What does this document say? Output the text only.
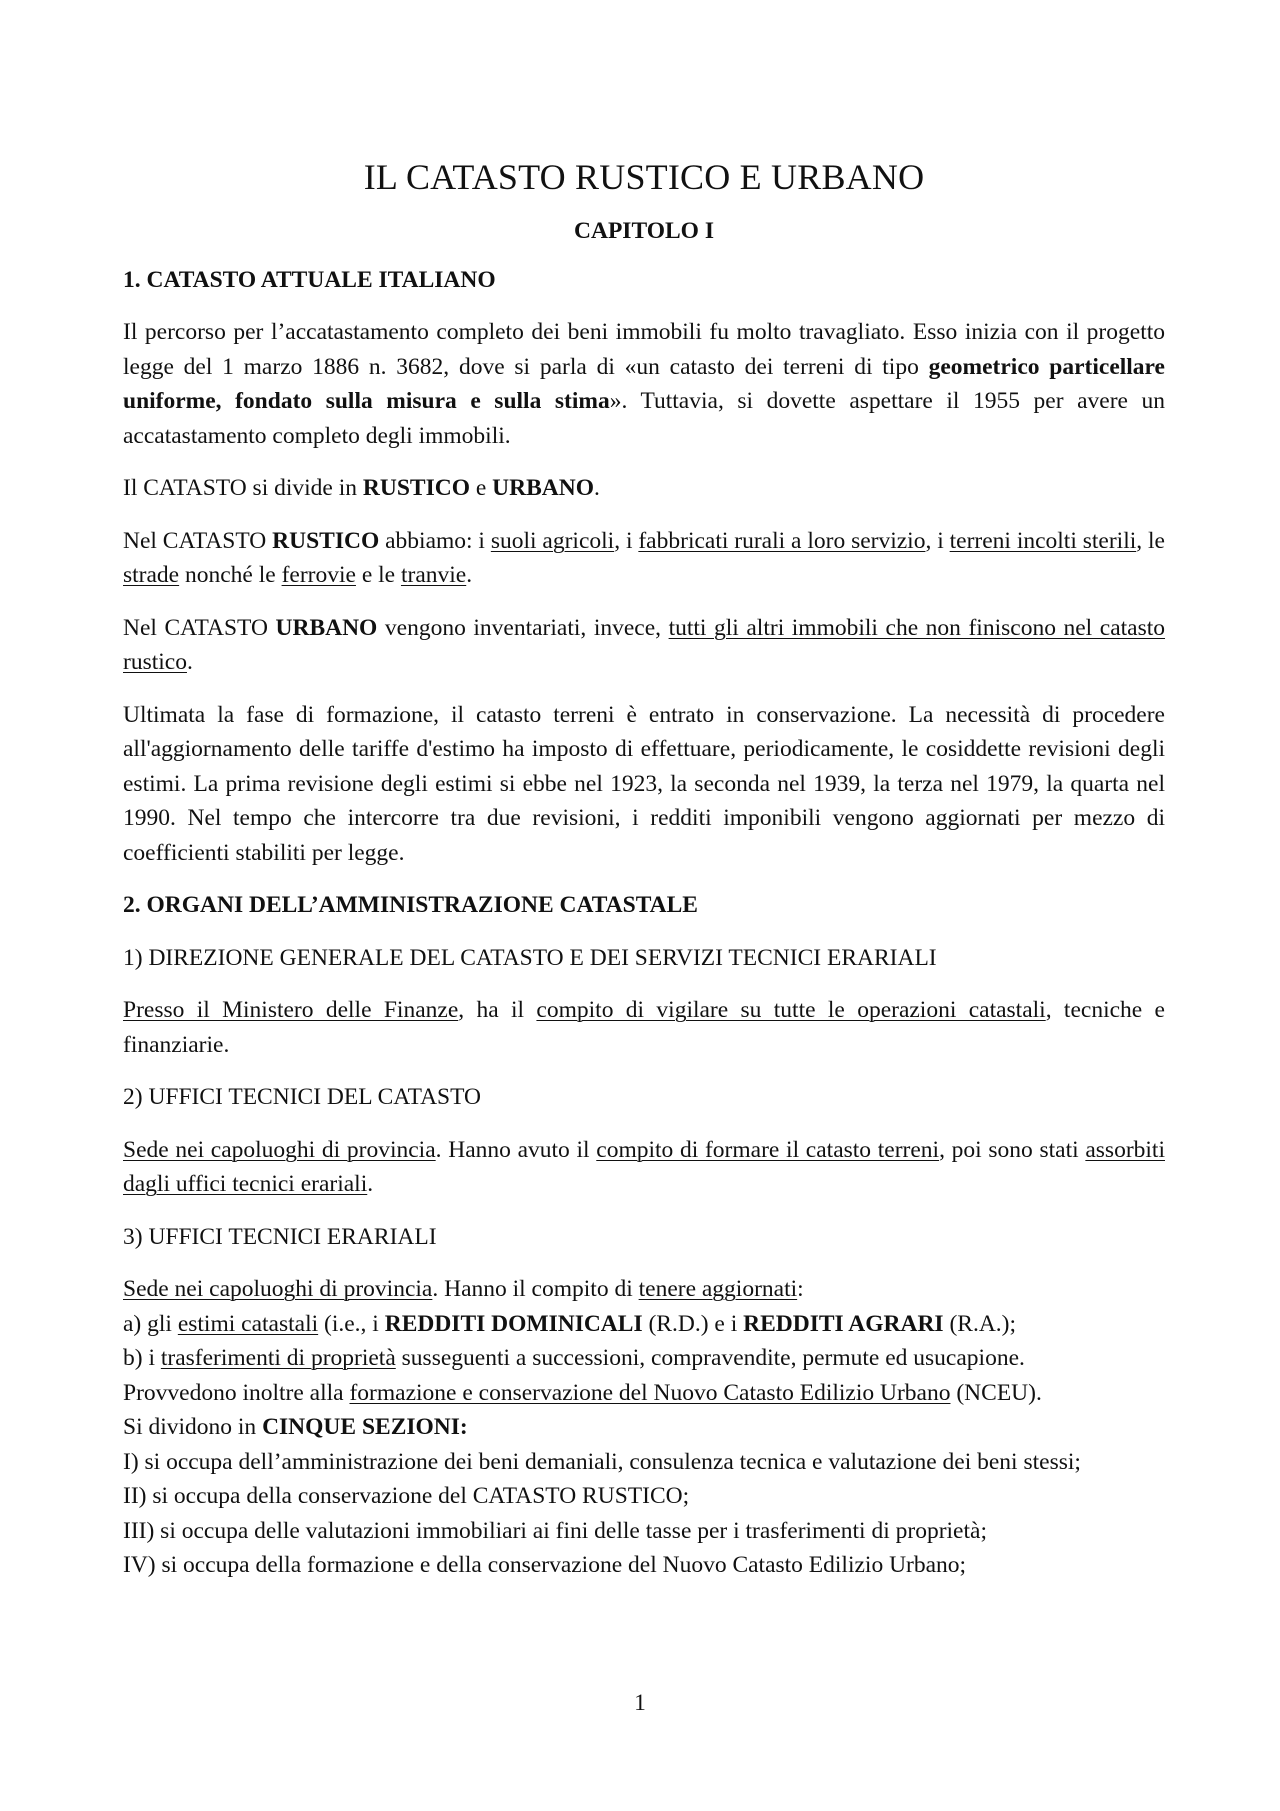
IL CATASTO RUSTICO E URBANO
CAPITOLO I
1. CATASTO ATTUALE ITALIANO

Il percorso per l’accatastamento completo dei beni immobili fu molto travagliato. Esso inizia con il progetto legge del 1 marzo 1886 n. 3682, dove si parla di «un catasto dei terreni di tipo geometrico particellare uniforme, fondato sulla misura e sulla stima». Tuttavia, si dovette aspettare il 1955 per avere un accatastamento completo degli immobili.

Il CATASTO si divide in RUSTICO e URBANO.

Nel CATASTO RUSTICO abbiamo: i suoli agricoli, i fabbricati rurali a loro servizio, i terreni incolti sterili, le strade nonché le ferrovie e le tranvie.

Nel CATASTO URBANO vengono inventariati, invece, tutti gli altri immobili che non finiscono nel catasto rustico.

Ultimata la fase di formazione, il catasto terreni è entrato in conservazione. La necessità di procedere all'aggiornamento delle tariffe d'estimo ha imposto di effettuare, periodicamente, le cosiddette revisioni degli estimi. La prima revisione degli estimi si ebbe nel 1923, la seconda nel 1939, la terza nel 1979, la quarta nel 1990. Nel tempo che intercorre tra due revisioni, i redditi imponibili vengono aggiornati per mezzo di coefficienti stabiliti per legge.

2. ORGANI DELL’AMMINISTRAZIONE CATASTALE

1) DIREZIONE GENERALE DEL CATASTO E DEI SERVIZI TECNICI ERARIALI

Presso il Ministero delle Finanze, ha il compito di vigilare su tutte le operazioni catastali, tecniche e finanziarie.

2) UFFICI TECNICI DEL CATASTO

Sede nei capoluoghi di provincia. Hanno avuto il compito di formare il catasto terreni, poi sono stati assorbiti dagli uffici tecnici erariali.

3) UFFICI TECNICI ERARIALI

Sede nei capoluoghi di provincia. Hanno il compito di tenere aggiornati:
a) gli estimi catastali (i.e., i REDDITI DOMINICALI (R.D.) e i REDDITI AGRARI (R.A.);
b) i trasferimenti di proprietà susseguenti a successioni, compravendite, permute ed usucapione.
Provvedono inoltre alla formazione e conservazione del Nuovo Catasto Edilizio Urbano (NCEU).
Si dividono in CINQUE SEZIONI:
I) si occupa dell’amministrazione dei beni demaniali, consulenza tecnica e valutazione dei beni stessi;
II) si occupa della conservazione del CATASTO RUSTICO;
III) si occupa delle valutazioni immobiliari ai fini delle tasse per i trasferimenti di proprietà;
IV) si occupa della formazione e della conservazione del Nuovo Catasto Edilizio Urbano;
1
